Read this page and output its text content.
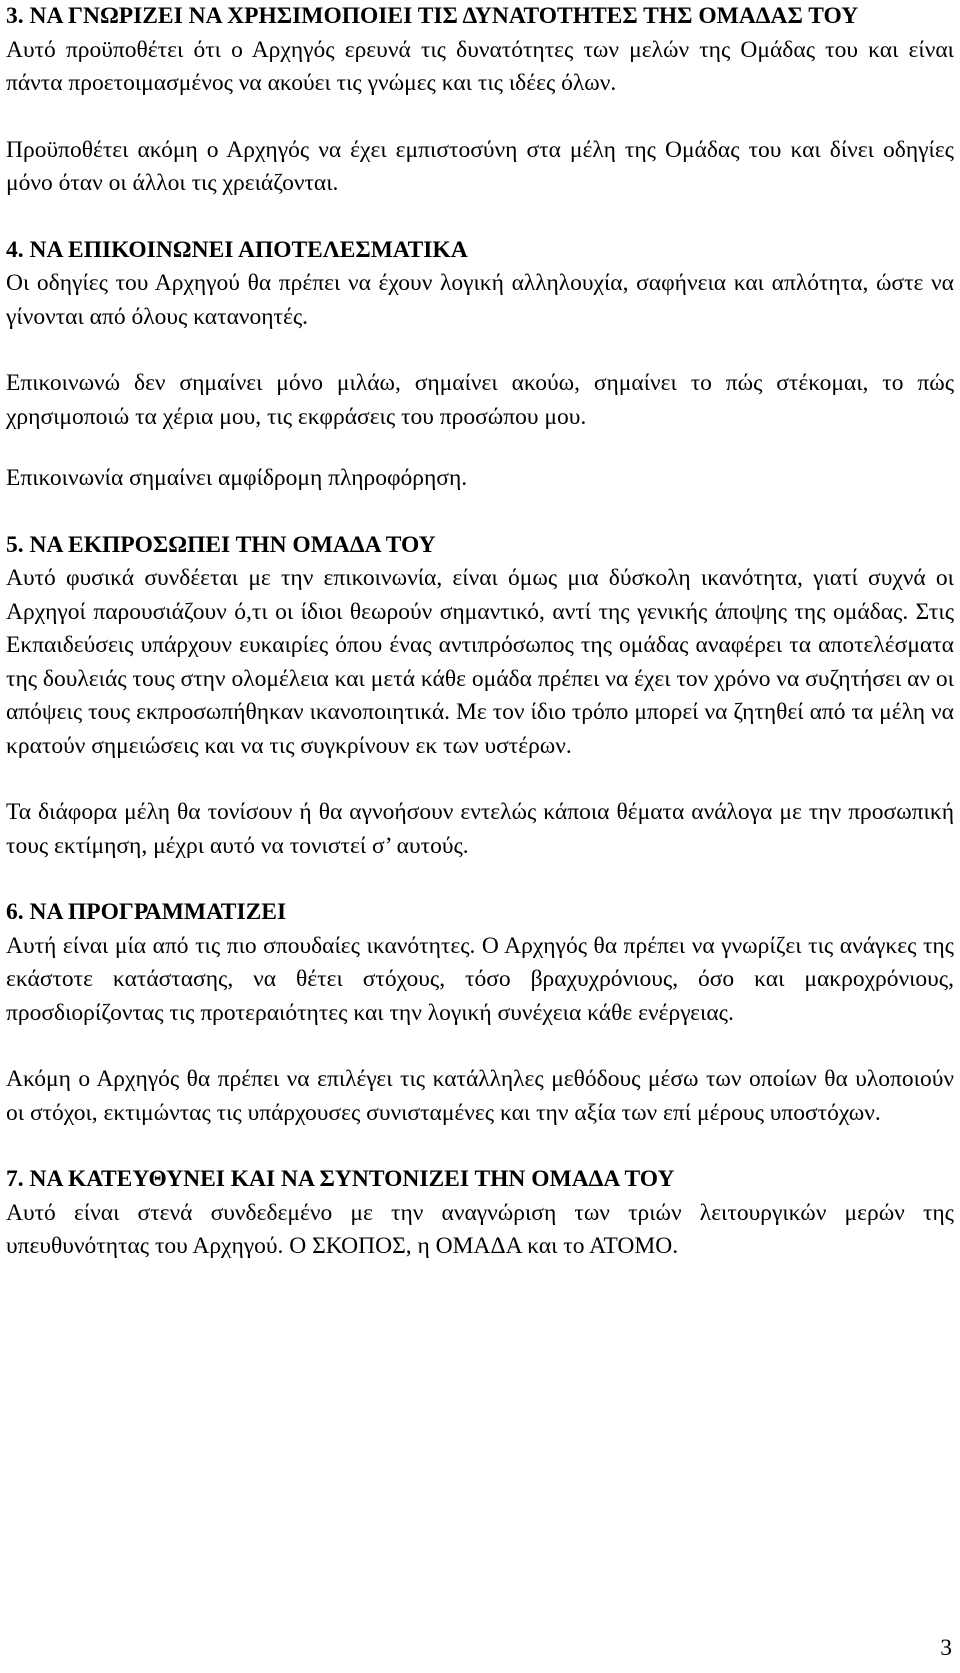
3. ΝΑ ΓΝΩΡΙΖΕΙ ΝΑ ΧΡΗΣΙΜΟΠΟΙΕΙ ΤΙΣ ΔΥΝΑΤΟΤΗΤΕΣ ΤΗΣ ΟΜΑΔΑΣ ΤΟΥ

Αυτό προϋποθέτει ότι ο Αρχηγός ερευνά τις δυνατότητες των μελών της Ομάδας του και είναι πάντα προετοιμασμένος να ακούει τις γνώμες και τις ιδέες όλων.

Προϋποθέτει ακόμη ο Αρχηγός να έχει εμπιστοσύνη στα μέλη της Ομάδας του και δίνει οδηγίες μόνο όταν οι άλλοι τις χρειάζονται.

4. ΝΑ ΕΠΙΚΟΙΝΩΝΕΙ ΑΠΟΤΕΛΕΣΜΑΤΙΚΑ

Οι οδηγίες του Αρχηγού θα πρέπει να έχουν λογική αλληλουχία, σαφήνεια και απλότητα, ώστε να γίνονται από όλους κατανοητές.

Επικοινωνώ δεν σημαίνει μόνο μιλάω, σημαίνει ακούω, σημαίνει το πώς στέκομαι, το πώς χρησιμοποιώ τα χέρια μου, τις εκφράσεις του προσώπου μου.

Επικοινωνία σημαίνει αμφίδρομη πληροφόρηση.

5. ΝΑ ΕΚΠΡΟΣΩΠΕΙ ΤΗΝ ΟΜΑΔΑ ΤΟΥ

Αυτό φυσικά συνδέεται με την επικοινωνία, είναι όμως μια δύσκολη ικανότητα, γιατί συχνά οι Αρχηγοί παρουσιάζουν ό,τι οι ίδιοι θεωρούν σημαντικό, αντί της γενικής άποψης της ομάδας. Στις Εκπαιδεύσεις υπάρχουν ευκαιρίες όπου ένας αντιπρόσωπος της ομάδας αναφέρει τα αποτελέσματα της δουλειάς τους στην ολομέλεια και μετά κάθε ομάδα πρέπει να έχει τον χρόνο να συζητήσει αν οι απόψεις τους εκπροσωπήθηκαν ικανοποιητικά. Με τον ίδιο τρόπο μπορεί να ζητηθεί από τα μέλη να κρατούν σημειώσεις και να τις συγκρίνουν εκ των υστέρων.

Τα διάφορα μέλη θα τονίσουν ή θα αγνοήσουν εντελώς κάποια θέματα ανάλογα με την προσωπική τους εκτίμηση, μέχρι αυτό να τονιστεί σ’ αυτούς.

6. ΝΑ ΠΡΟΓΡΑΜΜΑΤΙΖΕΙ

Αυτή είναι μία από τις πιο σπουδαίες ικανότητες. Ο Αρχηγός θα πρέπει να γνωρίζει τις ανάγκες της εκάστοτε κατάστασης, να θέτει στόχους, τόσο βραχυχρόνιους, όσο και μακροχρόνιους, προσδιορίζοντας τις προτεραιότητες και την λογική συνέχεια κάθε ενέργειας.

Ακόμη ο Αρχηγός θα πρέπει να επιλέγει τις κατάλληλες μεθόδους μέσω των οποίων θα υλοποιούν οι στόχοι, εκτιμώντας τις υπάρχουσες συνισταμένες και την αξία των επί μέρους υποστόχων.

7. ΝΑ ΚΑΤΕΥΘΥΝΕΙ ΚΑΙ ΝΑ ΣΥΝΤΟΝΙΖΕΙ ΤΗΝ ΟΜΑΔΑ ΤΟΥ

Αυτό είναι στενά συνδεδεμένο με την αναγνώριση των τριών λειτουργικών μερών της υπευθυνότητας του Αρχηγού. Ο ΣΚΟΠΟΣ, η ΟΜΑΔΑ και το ΑΤΟΜΟ.

3
